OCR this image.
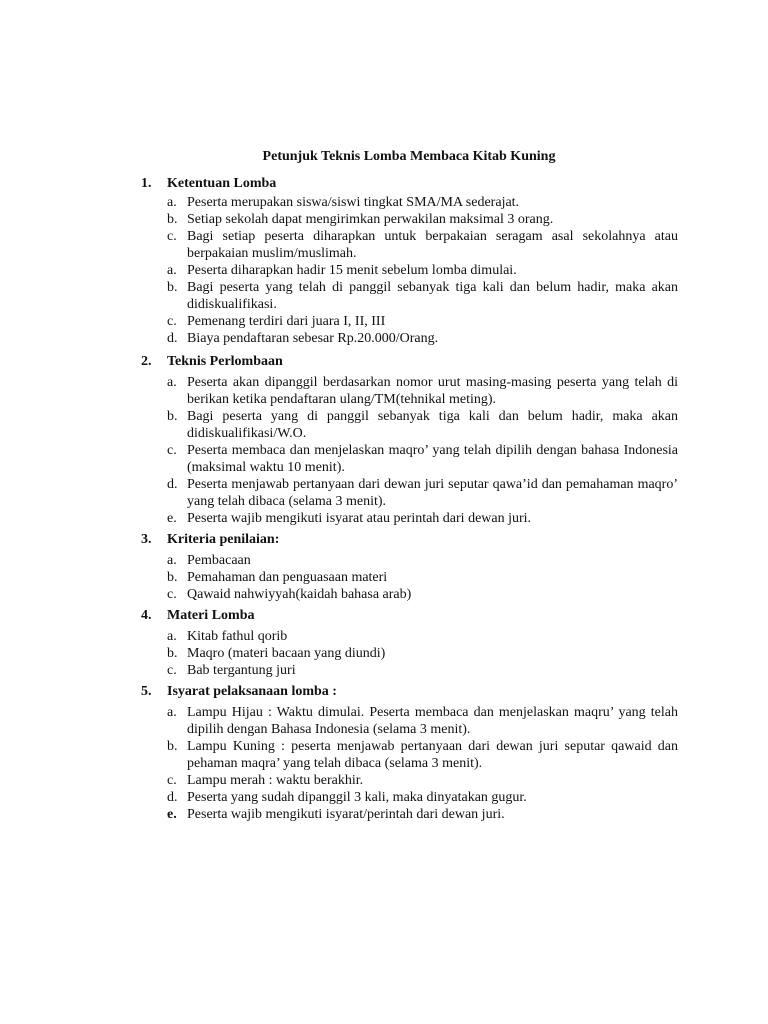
Petunjuk Teknis Lomba Membaca Kitab Kuning
1.	Ketentuan Lomba
a. Peserta merupakan siswa/siswi tingkat SMA/MA sederajat.
b. Setiap sekolah dapat mengirimkan perwakilan maksimal 3 orang.
c. Bagi setiap peserta diharapkan untuk berpakaian seragam asal sekolahnya atau berpakaian muslim/muslimah.
a. Peserta diharapkan hadir 15 menit sebelum lomba dimulai.
b. Bagi peserta yang telah di panggil sebanyak tiga kali dan belum hadir, maka akan didiskualifikasi.
c. Pemenang terdiri dari juara I, II, III
d. Biaya pendaftaran sebesar Rp.20.000/Orang.
2.	Teknis Perlombaan
a. Peserta akan dipanggil berdasarkan nomor urut masing-masing peserta yang telah di berikan ketika pendaftaran ulang/TM(tehnikal meting).
b. Bagi peserta yang di panggil sebanyak tiga kali dan belum hadir, maka akan didiskualifikasi/W.O.
c. Peserta membaca dan menjelaskan maqro’ yang telah dipilih dengan bahasa Indonesia (maksimal waktu 10 menit).
d. Peserta menjawab pertanyaan dari dewan juri seputar qawa’id dan pemahaman maqro’ yang telah dibaca (selama 3 menit).
e. Peserta wajib mengikuti isyarat atau perintah dari dewan juri.
3.	Kriteria penilaian:
a. Pembacaan
b. Pemahaman dan penguasaan materi
c. Qawaid nahwiyyah(kaidah bahasa arab)
4.	Materi Lomba
a. Kitab fathul qorib
b. Maqro (materi bacaan yang diundi)
c. Bab tergantung juri
5.	Isyarat pelaksanaan lomba :
a. Lampu Hijau : Waktu dimulai. Peserta membaca dan menjelaskan maqru’ yang telah dipilih dengan Bahasa Indonesia (selama 3 menit).
b. Lampu Kuning : peserta menjawab pertanyaan dari dewan juri seputar qawaid dan pehaman maqra’ yang telah dibaca (selama 3 menit).
c. Lampu merah : waktu berakhir.
d. Peserta yang sudah dipanggil 3 kali, maka dinyatakan gugur.
e. Peserta wajib mengikuti isyarat/perintah dari dewan juri.
